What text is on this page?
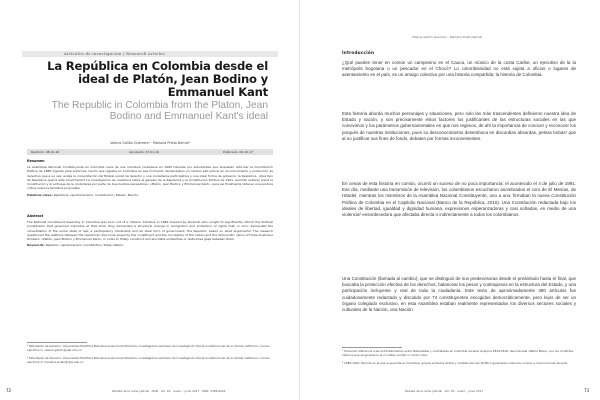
Artículos de investigación | Research articles
La República en Colombia desde el ideal de Platón, Jean Bodino y Emmanuel Kant
The Republic in Colombia from the Platon, Jean Bodino and Emmanuel Kant's ideal
Valeria Gallón Guerrero¹ · Mariana Prieto Bernal²
Recibido: 08-10-16	Aprobado: 07-01-16	Publicado: 08-10-17
Resumen
La Asamblea Nacional Constituyente en Colombia nace de una iniciativa ciudadana en 1989 liderada por estudiantes que buscaban reformar la Constitución Política de 1886 vigente para entonces, hecho que reglaba en Colombia en ese momento demandaban un cambio estructural en reconocimiento y protección de derechos que a su vez, exigía la consolidación del Estado social de derecho y una ciudadanía participativa y una ideal forma de gobierno: la República. ¿Qué tipo de República quería este movimiento? La investigación se cuestiona sobre la génesis de la República y la Constitución Política de 1991, permite analizar sobre la Constitución y el enfoque de la ciudadanía por parte de tres ilustres pensadores: «Platón, Jean Bodino y Emmanuel Kant», para así finalmente obtener una postura crítica sobre la temática propuesta.
Palabras clave: República, republicanismo, Constitución, Estado, Nación.
Abstract
The National Constituent Assembly in Colombia was born out of a citizens' initiative in 1989 inspired by students who sought to significantly reform the Political Constitution that governed Colombia at that time; they demanded a structural change in recognition and protection of rights that, in turn, demanded the consolidation of the social state of law, a participatory citizenship and an ideal form of government: the Republic, based on what arguments? The research questioned the relations between the republican discourse posed by the constituent and the conception of the nation and the democratic vision of three illustrious thinkers: «Platón, Jean Bodino y Emmanuel Kant», in order to finally construct and elucidate similarities or distinctive gaps between them.
Keywords: Republic, republicanism, Constitution, State, Nation.
¹ Estudiante de Derecho, Universidad Pontificia Bolivariana seccional Montería. Investigadora semillero de Investigación Teoría Constitucional de la misma institución. Correo electrónico: valeria.gallon@upb.edu.co
² Estudiante de Derecho, Universidad Pontificia Bolivariana seccional Montería. Investigadora semillero de Investigación Teoría Constitucional de la misma institución. Correo electrónico: mariana.prieto@upb.edu.co
72	Revista de la rama judicial · ISSN · Vol. XX · enero – junio 2017 · ISSN: 2389-6044
Valeria Gallón Guerrero · Mariana Prieto Bernal
Introducción
¿Qué pueden tener en común un campesino en el Cauca, un músico de la costa Caribe, un ejecutivo de la la metrópolis bogotana o un pescador en el Chocó? Lo colombianidad no está sujeta a oficios o lugares de asentamiento en el país, es un arraigo colectivo por una historia compartida: la historia de Colombia.
Esta historia aborda muchos personajes y situaciones, pero solo las más trascendentes definieron nuestra idea de Estado y nación, y son precisamente estos factores los justificantes de las estructuras sociales en las que convivimos y los parámetros gubernamentales en que nos regimos, de ahí la importancia de conocer y reconocer los porqués de nuestras instituciones, pues su desconocimiento desemboca en discordias absurdas, peleas bobas¹ que al no justificar sus fines de fondo, debaten por formas inconvenientes.
En cenas de esta historia en común, ocurrió un suceso de no poca importancia: el acontecido el 4 de julio de 1991. Ese día, mediante una transmisión de televisión, los colombianos escucharon asombrados el coro de El Mesías, de Händel, mientras los miembros de la Asamblea Nacional Constituyente, uno a uno, firmaban la nueva Constitución Política de Colombia en el Capitolio Nacional (Banco de la República, 2016). Una Constitución redactada bajo los ideales de libertad, igualdad y dignidad humana, expresiones esperanzadoras y casi soñadas, en medio de una violencia² ensordecedora que afectaba directa o indirectamente a todos los colombianos.
Una Constitución (llamada al cambio), que se distinguió de sus predecesoras desde el preámbulo hasta el final, que buscaba la protección efectiva de los derechos, balancear los pesos y contrapesos en la estructura del Estado, y una participación incluyente y real de toda la ciudadanía. Este texto de aproximadamente 380 artículos fue cuidadosamente redactado y discutido por 74 constituyentes escogidos democráticamente, pero lejos de ser un órgano colegiado exclusivo, en esta Asamblea estaban realmente representados los diversos sectores sociales y culturales de la Nación, una Nación
¹ Haciendo referencia a las enfrentamientos entre federalistas y centralistas en Colombia durante la época 1810-1816, denominada «Patria Boba», por los conflictos internos que se generaron al no haber unidad ni rumbo claro.
² 1989-1991, Periodo en el que la guerrilla en Colombia, grupos armados ilícitos y carteles del narcotráfico generaban violencia, incluso a nivel nacional del país.
Revista de la rama judicial · Vol. XX · enero – junio 2017	73
